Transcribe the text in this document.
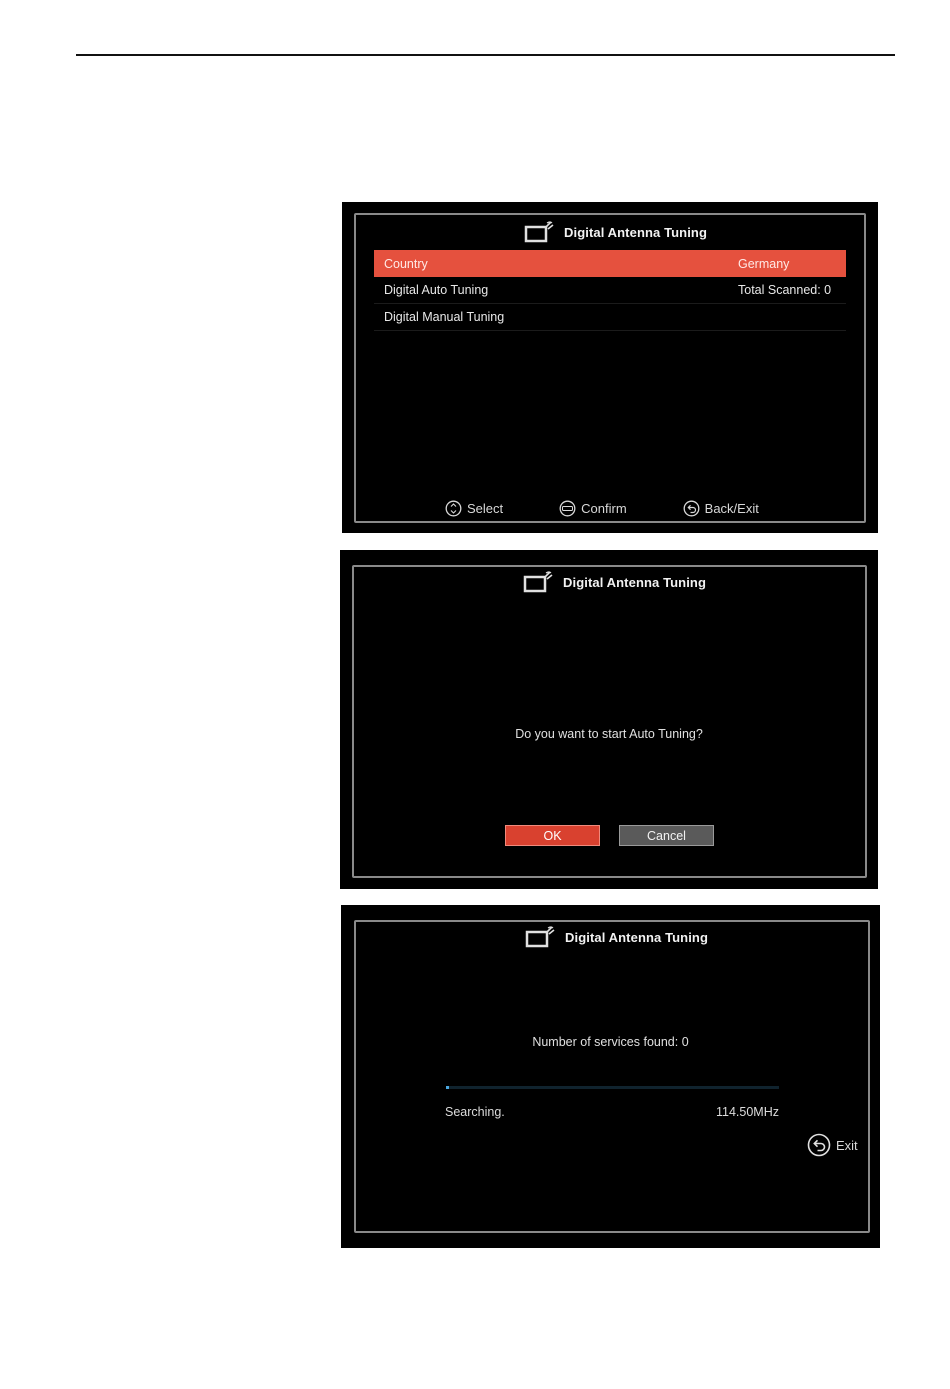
Digital Antenna Tuning
Country	Germany
Digital Auto Tuning	Total Scanned: 0
Digital Manual Tuning
Select	Confirm	Back/Exit
Digital Antenna Tuning
Do you want to start Auto Tuning?
OK	Cancel
Digital Antenna Tuning
Number of services found: 0
Searching.	114.50MHz
Exit
